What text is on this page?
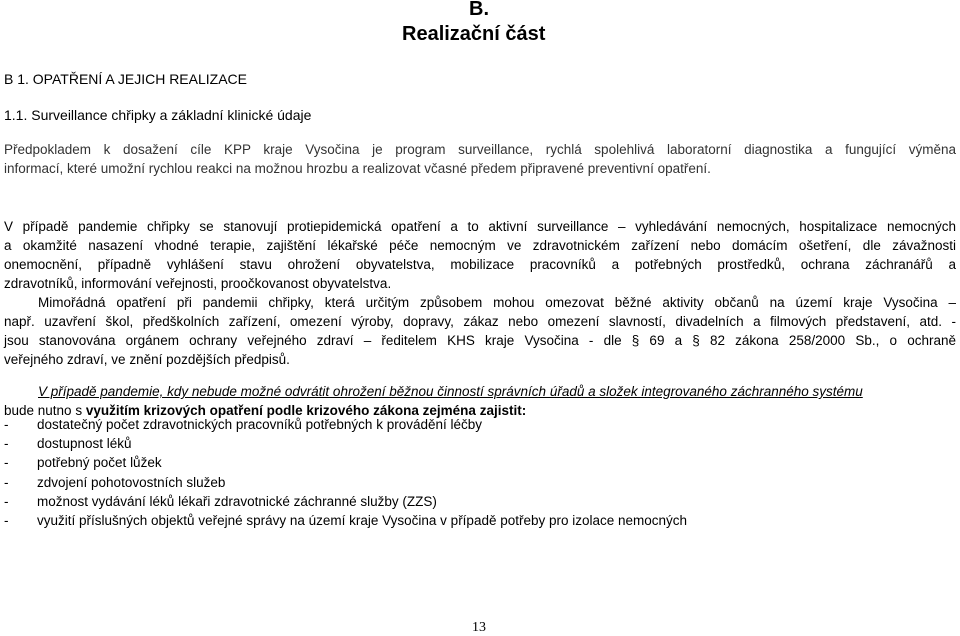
B.

Realizační část

B 1. OPATŘENÍ A JEJICH REALIZACE

1.1. Surveillance chřipky a základní klinické údaje

Předpokladem k dosažení cíle KPP kraje Vysočina je program surveillance, rychlá spolehlivá laboratorní diagnostika a fungující výměna

informací, které umožní rychlou reakci na možnou hrozbu a realizovat včasné předem připravené preventivní opatření.

V případě pandemie chřipky se stanovují protiepidemická opatření a to aktivní surveillance – vyhledávání nemocných, hospitalizace nemocných
a okamžité nasazení vhodné terapie, zajištění lékařské péče nemocným ve zdravotnickém zařízení nebo domácím ošetření, dle závažnosti
onemocnění, případně vyhlášení stavu ohrožení obyvatelstva, mobilizace pracovníků a potřebných prostředků, ochrana záchranářů a
zdravotníků, informování veřejnosti, proočkovanost obyvatelstva.
Mimořádná opatření při pandemii chřipky, která určitým způsobem mohou omezovat běžné aktivity občanů na území kraje Vysočina –
např. uzavření škol, předškolních zařízení, omezení výroby, dopravy, zákaz nebo omezení slavností, divadelních a filmových představení, atd. -
jsou stanovována orgánem ochrany veřejného zdraví – ředitelem KHS kraje Vysočina - dle § 69 a § 82 zákona 258/2000 Sb., o ochraně
veřejného zdraví, ve znění pozdějších předpisů.
V případě pandemie, kdy nebude možné odvrátit ohrožení běžnou činností správních úřadů a složek integrovaného záchranného systému
bude nutno s využitím krizových opatření podle krizového zákona zejména zajistit:
-	dostatečný počet zdravotnických pracovníků potřebných k provádění léčby
-	dostupnost léků
-	potřebný počet lůžek
-	zdvojení pohotovostních služeb
-	možnost vydávání léků lékaři zdravotnické záchranné služby (ZZS)
-	využití příslušných objektů veřejné správy na území kraje Vysočina v případě potřeby pro izolace nemocných

13
